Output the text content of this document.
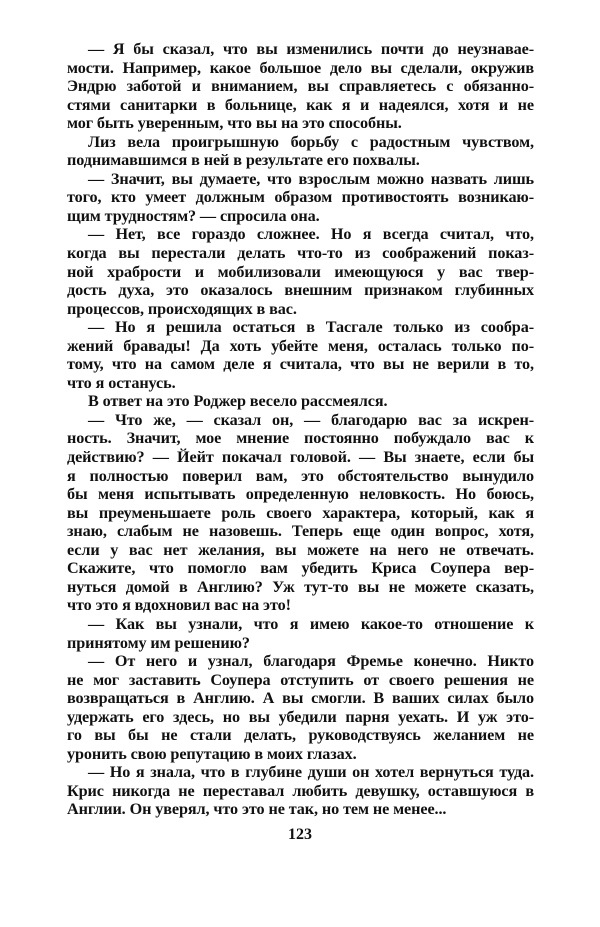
— Я бы сказал, что вы изменились почти до неузнавае-
мости. Например, какое большое дело вы сделали, окружив
Эндрю заботой и вниманием, вы справляетесь с обязанно-
стями санитарки в больнице, как я и надеялся, хотя и не
мог быть уверенным, что вы на это способны.
Лиз вела проигрышную борьбу с радостным чувством,
поднимавшимся в ней в результате его похвалы.
— Значит, вы думаете, что взрослым можно назвать лишь
того, кто умеет должным образом противостоять возникаю-
щим трудностям? — спросила она.
— Нет, все гораздо сложнее. Но я всегда считал, что,
когда вы перестали делать что-то из соображений показ-
ной храбрости и мобилизовали имеющуюся у вас твер-
дость духа, это оказалось внешним признаком глубинных
процессов, происходящих в вас.
— Но я решила остаться в Тасгале только из сообра-
жений бравады! Да хоть убейте меня, осталась только по-
тому, что на самом деле я считала, что вы не верили в то,
что я останусь.
В ответ на это Роджер весело рассмеялся.
— Что же, — сказал он, — благодарю вас за искрен-
ность. Значит, мое мнение постоянно побуждало вас к
действию? — Йейт покачал головой. — Вы знаете, если бы
я полностью поверил вам, это обстоятельство вынудило
бы меня испытывать определенную неловкость. Но боюсь,
вы преуменьшаете роль своего характера, который, как я
знаю, слабым не назовешь. Теперь еще один вопрос, хотя,
если у вас нет желания, вы можете на него не отвечать.
Скажите, что помогло вам убедить Криса Соупера вер-
нуться домой в Англию? Уж тут-то вы не можете сказать,
что это я вдохновил вас на это!
— Как вы узнали, что я имею какое-то отношение к
принятому им решению?
— От него и узнал, благодаря Фремье конечно. Никто
не мог заставить Соупера отступить от своего решения не
возвращаться в Англию. А вы смогли. В ваших силах было
удержать его здесь, но вы убедили парня уехать. И уж это-
го вы бы не стали делать, руководствуясь желанием не
уронить свою репутацию в моих глазах.
— Но я знала, что в глубине души он хотел вернуться туда.
Крис никогда не переставал любить девушку, оставшуюся в
Англии. Он уверял, что это не так, но тем не менее...
123
